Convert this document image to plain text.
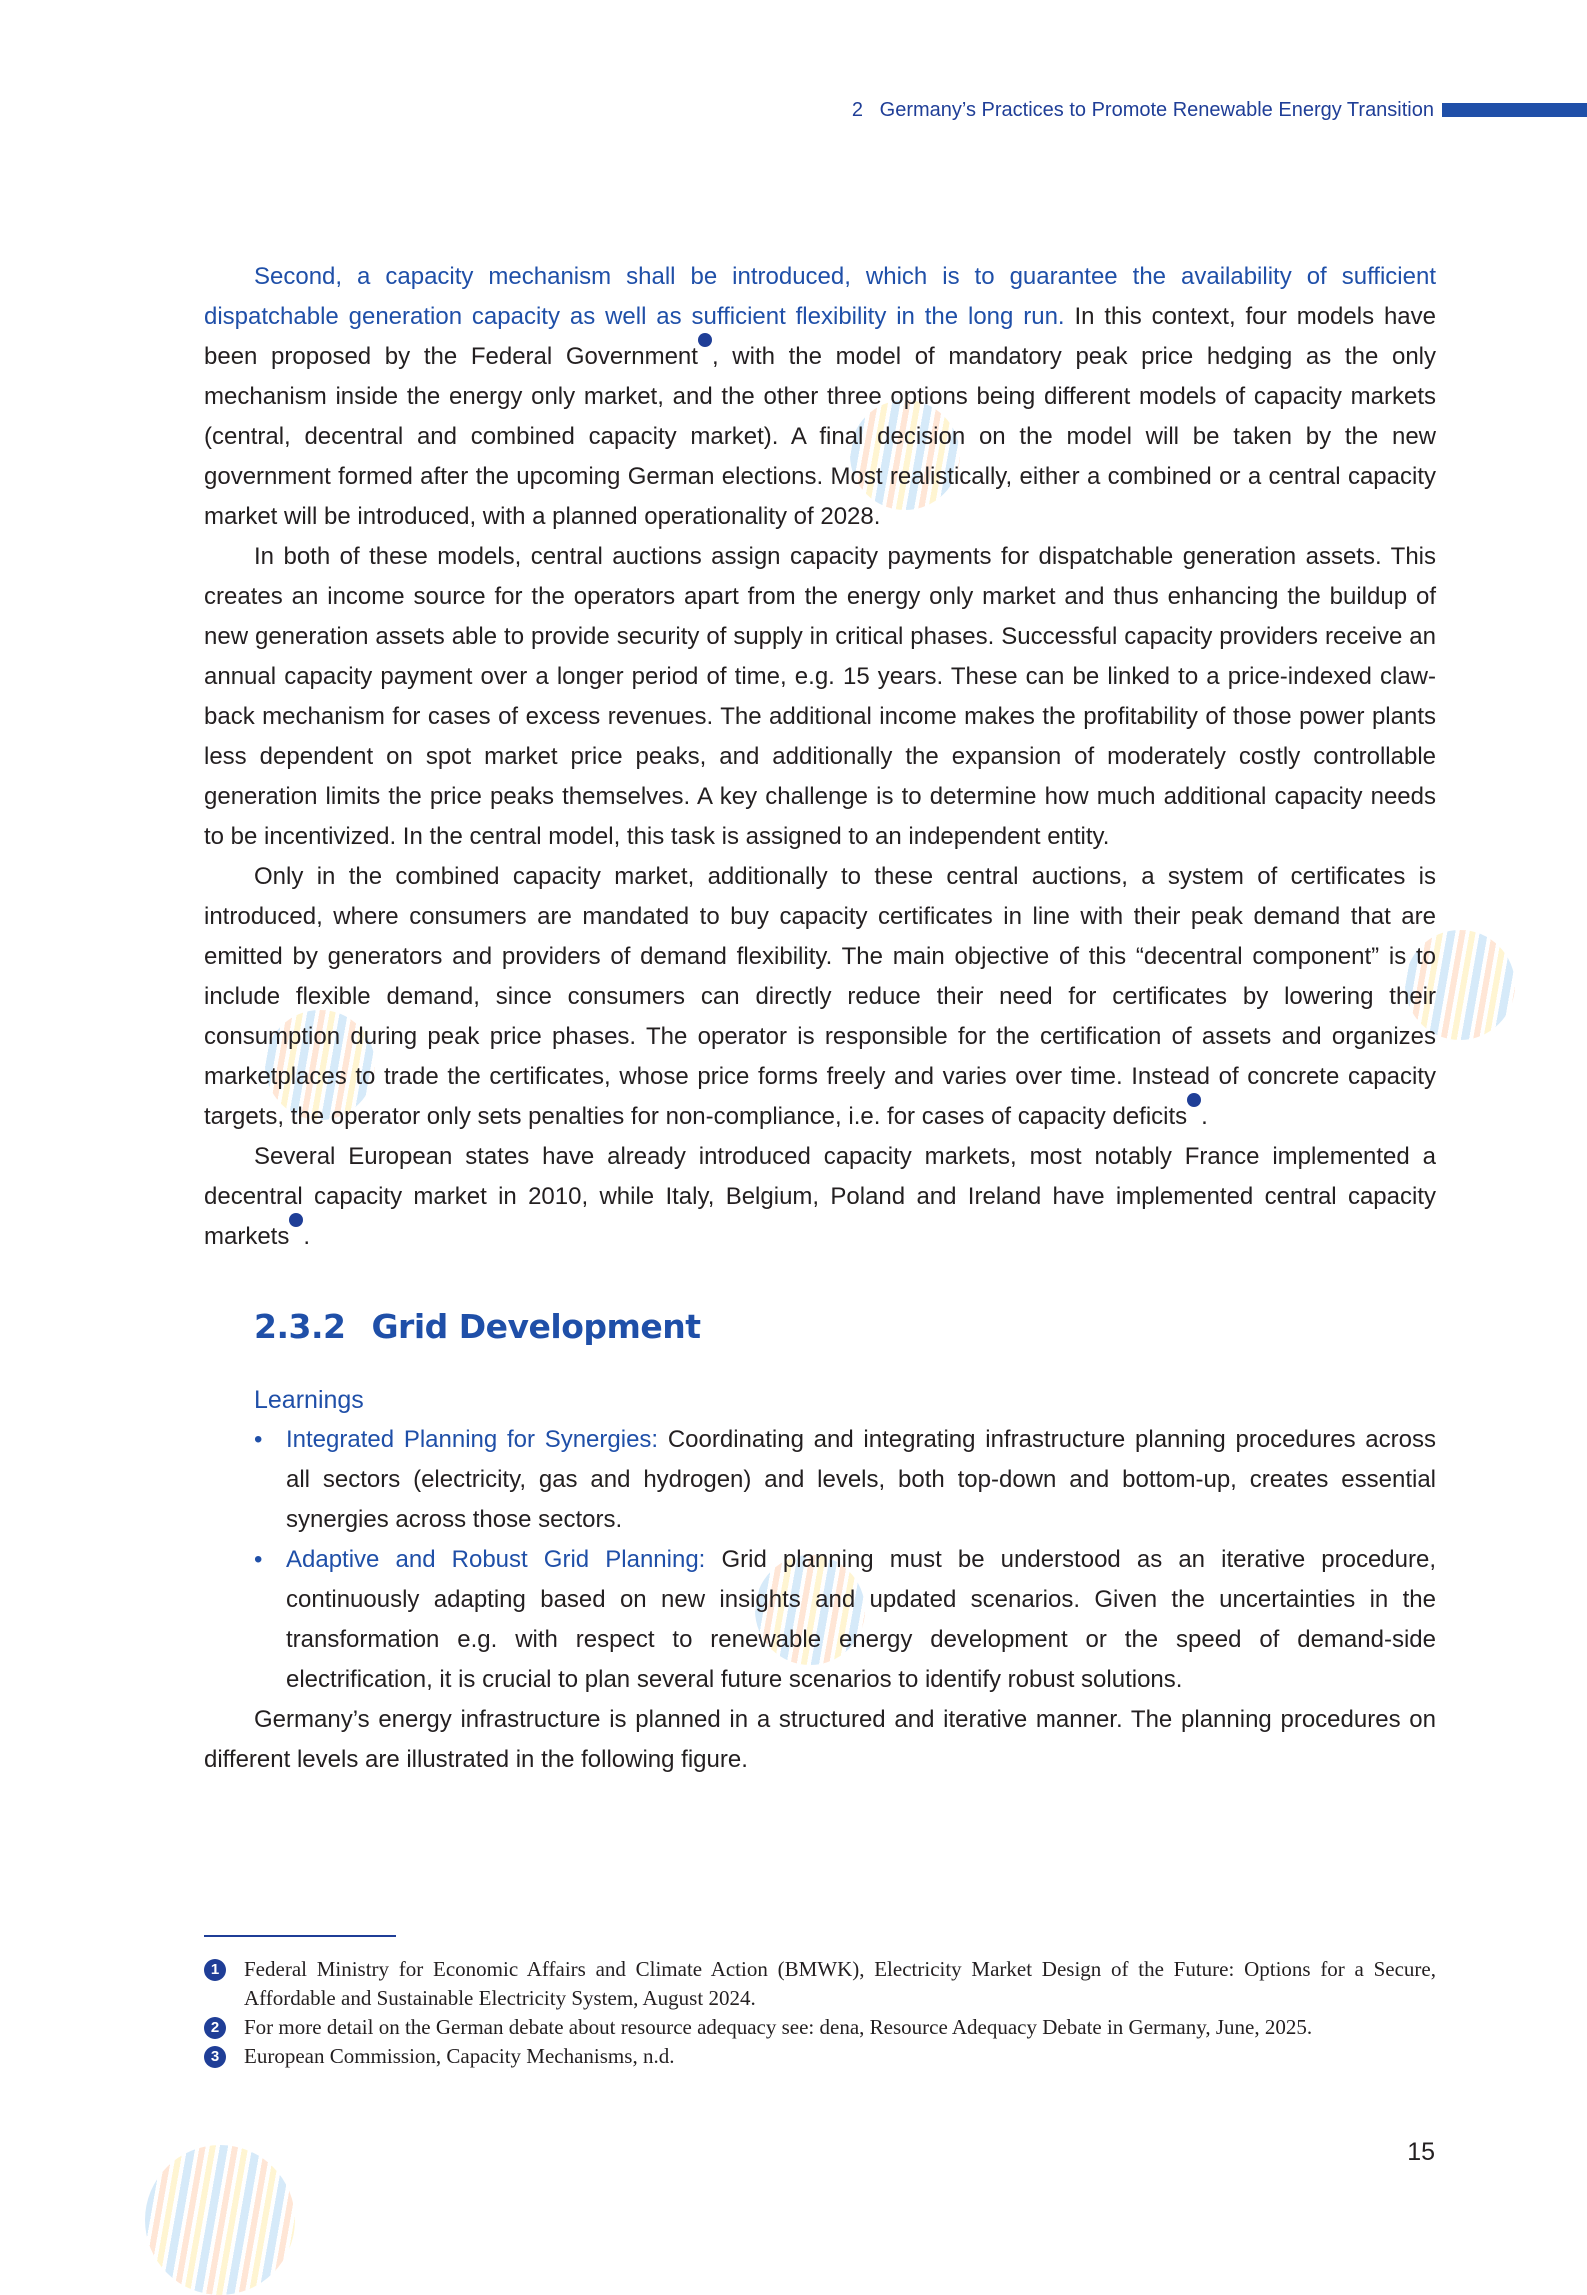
2 Germany’s Practices to Promote Renewable Energy Transition

Second, a capacity mechanism shall be introduced, which is to guarantee the availability of sufficient dispatchable generation capacity as well as sufficient flexibility in the long run. In this context, four models have been proposed by the Federal Government$^1$, with the model of mandatory peak price hedging as the only mechanism inside the energy only market, and the other three options being different models of capacity markets (central, decentral and combined capacity market). A final decision on the model will be taken by the new government formed after the upcoming German elections. Most realistically, either a combined or a central capacity market will be introduced, with a planned operationality of 2028.

In both of these models, central auctions assign capacity payments for dispatchable generation assets. This creates an income source for the operators apart from the energy only market and thus enhancing the buildup of new generation assets able to provide security of supply in critical phases. Successful capacity providers receive an annual capacity payment over a longer period of time, e.g. 15 years. These can be linked to a price-indexed claw-back mechanism for cases of excess revenues. The additional income makes the profitability of those power plants less dependent on spot market price peaks, and additionally the expansion of moderately costly controllable generation limits the price peaks themselves. A key challenge is to determine how much additional capacity needs to be incentivized. In the central model, this task is assigned to an independent entity.

Only in the combined capacity market, additionally to these central auctions, a system of certificates is introduced, where consumers are mandated to buy capacity certificates in line with their peak demand that are emitted by generators and providers of demand flexibility. The main objective of this “decentral component” is to include flexible demand, since consumers can directly reduce their need for certificates by lowering their consumption during peak price phases. The operator is responsible for the certification of assets and organizes marketplaces to trade the certificates, whose price forms freely and varies over time. Instead of concrete capacity targets, the operator only sets penalties for non-compliance, i.e. for cases of capacity deficits$^2$.

Several European states have already introduced capacity markets, most notably France implemented a decentral capacity market in 2010, while Italy, Belgium, Poland and Ireland have implemented central capacity markets$^3$.

2.3.2 Grid Development
Learnings
• Integrated Planning for Synergies: Coordinating and integrating infrastructure planning procedures across all sectors (electricity, gas and hydrogen) and levels, both top-down and bottom-up, creates essential synergies across those sectors.
• Adaptive and Robust Grid Planning: Grid planning must be understood as an iterative procedure, continuously adapting based on new insights and updated scenarios. Given the uncertainties in the transformation e.g. with respect to renewable energy development or the speed of demand-side electrification, it is crucial to plan several future scenarios to identify robust solutions.

Germany’s energy infrastructure is planned in a structured and iterative manner. The planning procedures on different levels are illustrated in the following figure.

1	Federal Ministry for Economic Affairs and Climate Action (BMWK), Electricity Market Design of the Future: Options for a Secure, Affordable and Sustainable Electricity System, August 2024.
2	For more detail on the German debate about resource adequacy see: dena, Resource Adequacy Debate in Germany, June, 2025.
3	European Commission, Capacity Mechanisms, n.d.
15
